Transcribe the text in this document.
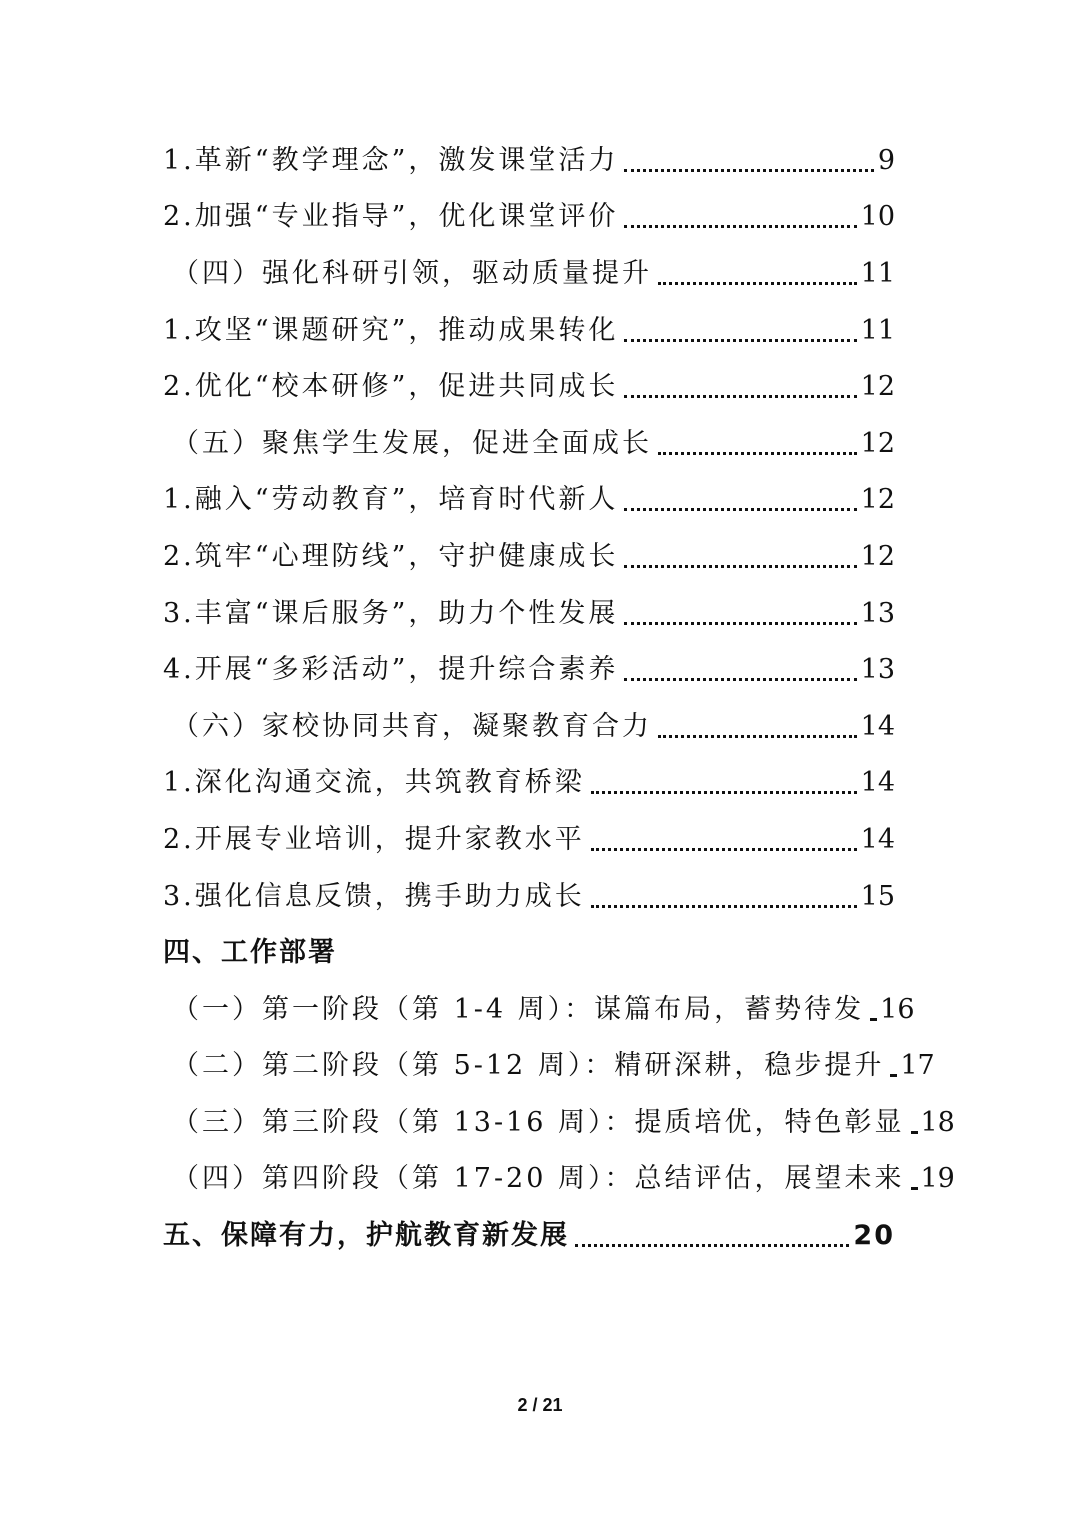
1.革新“教学理念”，激发课堂活力	9
2.加强“专业指导”，优化课堂评价	10
（四）强化科研引领，驱动质量提升	11
1.攻坚“课题研究”，推动成果转化	11
2.优化“校本研修”，促进共同成长	12
（五）聚焦学生发展，促进全面成长	12
1.融入“劳动教育”，培育时代新人	12
2.筑牢“心理防线”，守护健康成长	12
3.丰富“课后服务”，助力个性发展	13
4.开展“多彩活动”，提升综合素养	13
（六）家校协同共育，凝聚教育合力	14
1.深化沟通交流，共筑教育桥梁	14
2.开展专业培训，提升家教水平	14
3.强化信息反馈，携手助力成长	15
四、工作部署
（一）第一阶段（第 1-4 周）：谋篇布局，蓄势待发 16
（二）第二阶段（第 5-12 周）：精研深耕，稳步提升 17
（三）第三阶段（第 13-16 周）：提质培优，特色彰显 18
（四）第四阶段（第 17-20 周）：总结评估，展望未来 19
五、保障有力，护航教育新发展	20
2 / 21
